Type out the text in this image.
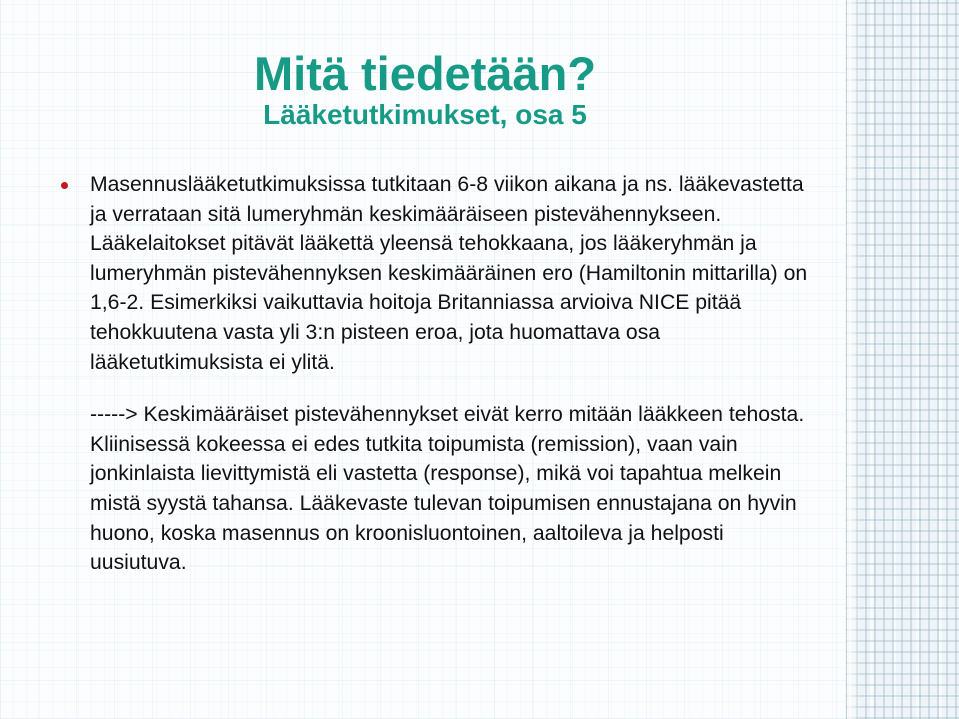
Mitä tiedetään?
Lääketutkimukset, osa 5

Masennuslääketutkimuksissa tutkitaan 6-8 viikon aikana ja ns. lääkevastetta ja verrataan sitä lumeryhmän keskimääräiseen pistevähennykseen. Lääkelaitokset pitävät lääkettä yleensä tehokkaana, jos lääkeryhmän ja lumeryhmän pistevähennyksen keskimääräinen ero (Hamiltonin mittarilla) on 1,6-2. Esimerkiksi vaikuttavia hoitoja Britanniassa arvioiva NICE pitää tehokkuutena vasta yli 3:n pisteen eroa, jota huomattava osa lääketutkimuksista ei ylitä.

-----> Keskimääräiset pistevähennykset eivät kerro mitään lääkkeen tehosta. Kliinisessä kokeessa ei edes tutkita toipumista (remission), vaan vain jonkinlaista lievittymistä eli vastetta (response), mikä voi tapahtua melkein mistä syystä tahansa. Lääkevaste tulevan toipumisen ennustajana on hyvin huono, koska masennus on kroonisluontoinen, aaltoileva ja helposti uusiutuva.
